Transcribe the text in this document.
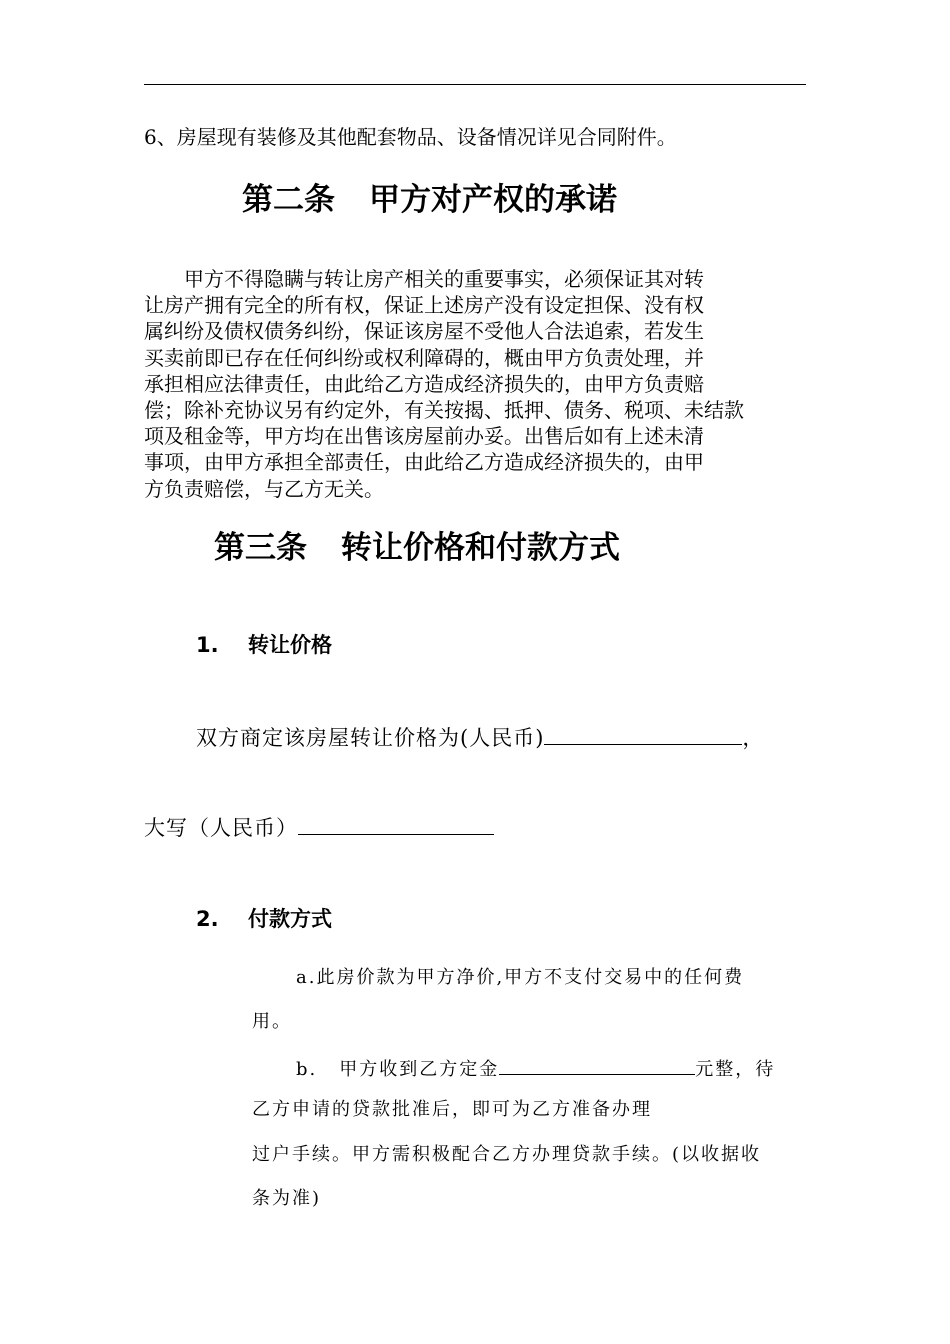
6、房屋现有装修及其他配套物品、设备情况详见合同附件。
第二条 甲方对产权的承诺
　　甲方不得隐瞒与转让房产相关的重要事实，必须保证其对转
让房产拥有完全的所有权，保证上述房产没有设定担保、没有权
属纠纷及债权债务纠纷，保证该房屋不受他人合法追索，若发生
买卖前即已存在任何纠纷或权利障碍的，概由甲方负责处理，并
承担相应法律责任，由此给乙方造成经济损失的，由甲方负责赔
偿；除补充协议另有约定外，有关按揭、抵押、债务、税项、未结款
项及租金等，甲方均在出售该房屋前办妥。出售后如有上述未清
事项，由甲方承担全部责任，由此给乙方造成经济损失的，由甲
方负责赔偿，与乙方无关。
第三条 转让价格和付款方式
1. 转让价格
双方商定该房屋转让价格为(人民币)	，
大写（人民币）
2. 付款方式
a.此房价款为甲方净价,甲方不支付交易中的任何费
用。
b. 甲方收到乙方定金	元整，待
乙方申请的贷款批准后，即可为乙方准备办理
过户手续。甲方需积极配合乙方办理贷款手续。(以收据收
条为准)
